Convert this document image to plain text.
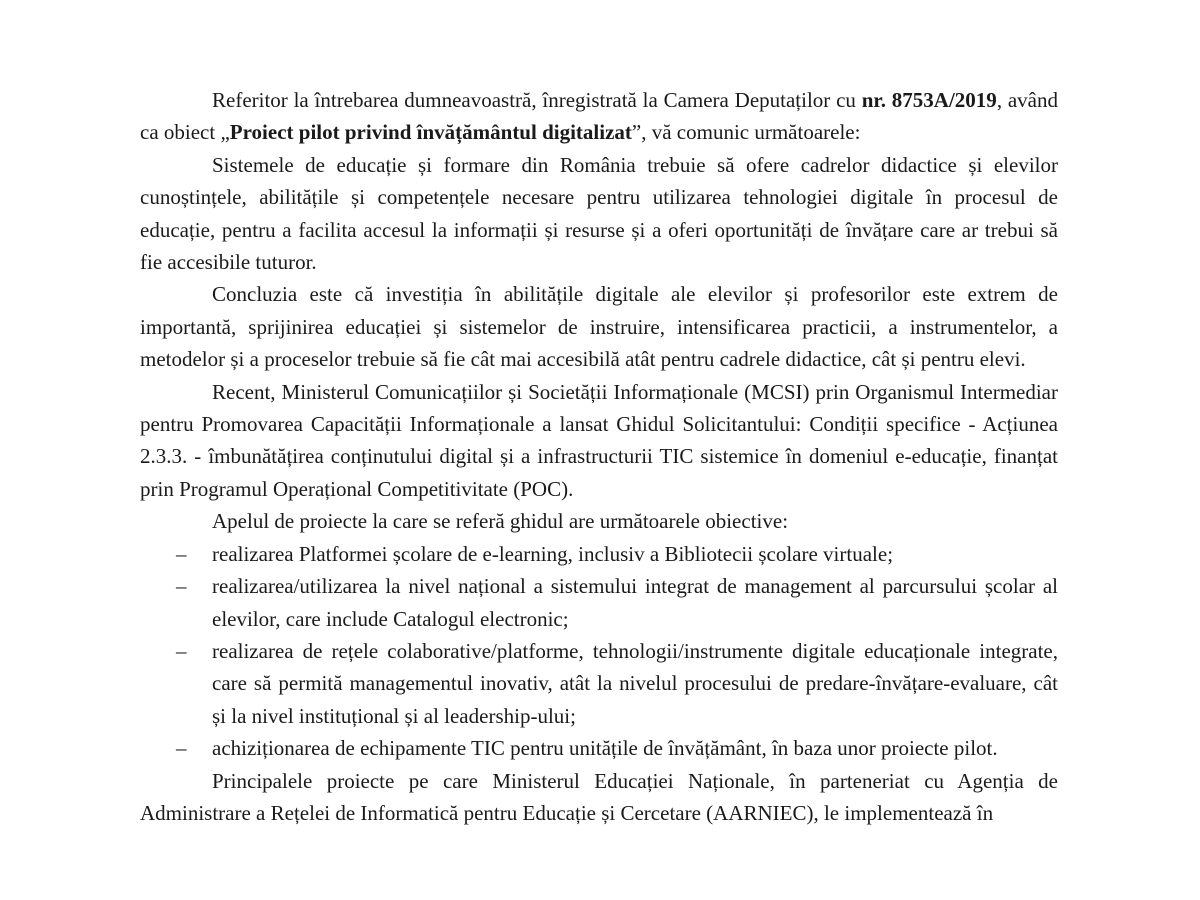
Referitor la întrebarea dumneavoastră, înregistrată la Camera Deputaților cu nr. 8753A/2019, având ca obiect „Proiect pilot privind învățământul digitalizat”, vă comunic următoarele:

Sistemele de educație și formare din România trebuie să ofere cadrelor didactice și elevilor cunoștințele, abilitățile și competențele necesare pentru utilizarea tehnologiei digitale în procesul de educație, pentru a facilita accesul la informații și resurse și a oferi oportunități de învățare care ar trebui să fie accesibile tuturor.

Concluzia este că investiția în abilitățile digitale ale elevilor și profesorilor este extrem de importantă, sprijinirea educației și sistemelor de instruire, intensificarea practicii, a instrumentelor, a metodelor și a proceselor trebuie să fie cât mai accesibilă atât pentru cadrele didactice, cât și pentru elevi.

Recent, Ministerul Comunicațiilor și Societății Informaționale (MCSI) prin Organismul Intermediar pentru Promovarea Capacității Informaționale a lansat Ghidul Solicitantului: Condiții specifice - Acțiunea 2.3.3. - îmbunătățirea conținutului digital și a infrastructurii TIC sistemice în domeniul e-educație, finanțat prin Programul Operațional Competitivitate (POC).

Apelul de proiecte la care se referă ghidul are următoarele obiective:

– realizarea Platformei școlare de e-learning, inclusiv a Bibliotecii școlare virtuale;
– realizarea/utilizarea la nivel național a sistemului integrat de management al parcursului școlar al elevilor, care include Catalogul electronic;
– realizarea de rețele colaborative/platforme, tehnologii/instrumente digitale educaționale integrate, care să permită managementul inovativ, atât la nivelul procesului de predare-învățare-evaluare, cât și la nivel instituțional și al leadership-ului;
– achiziționarea de echipamente TIC pentru unitățile de învățământ, în baza unor proiecte pilot.

Principalele proiecte pe care Ministerul Educației Naționale, în parteneriat cu Agenția de Administrare a Rețelei de Informatică pentru Educație și Cercetare (AARNIEC), le implementează în
